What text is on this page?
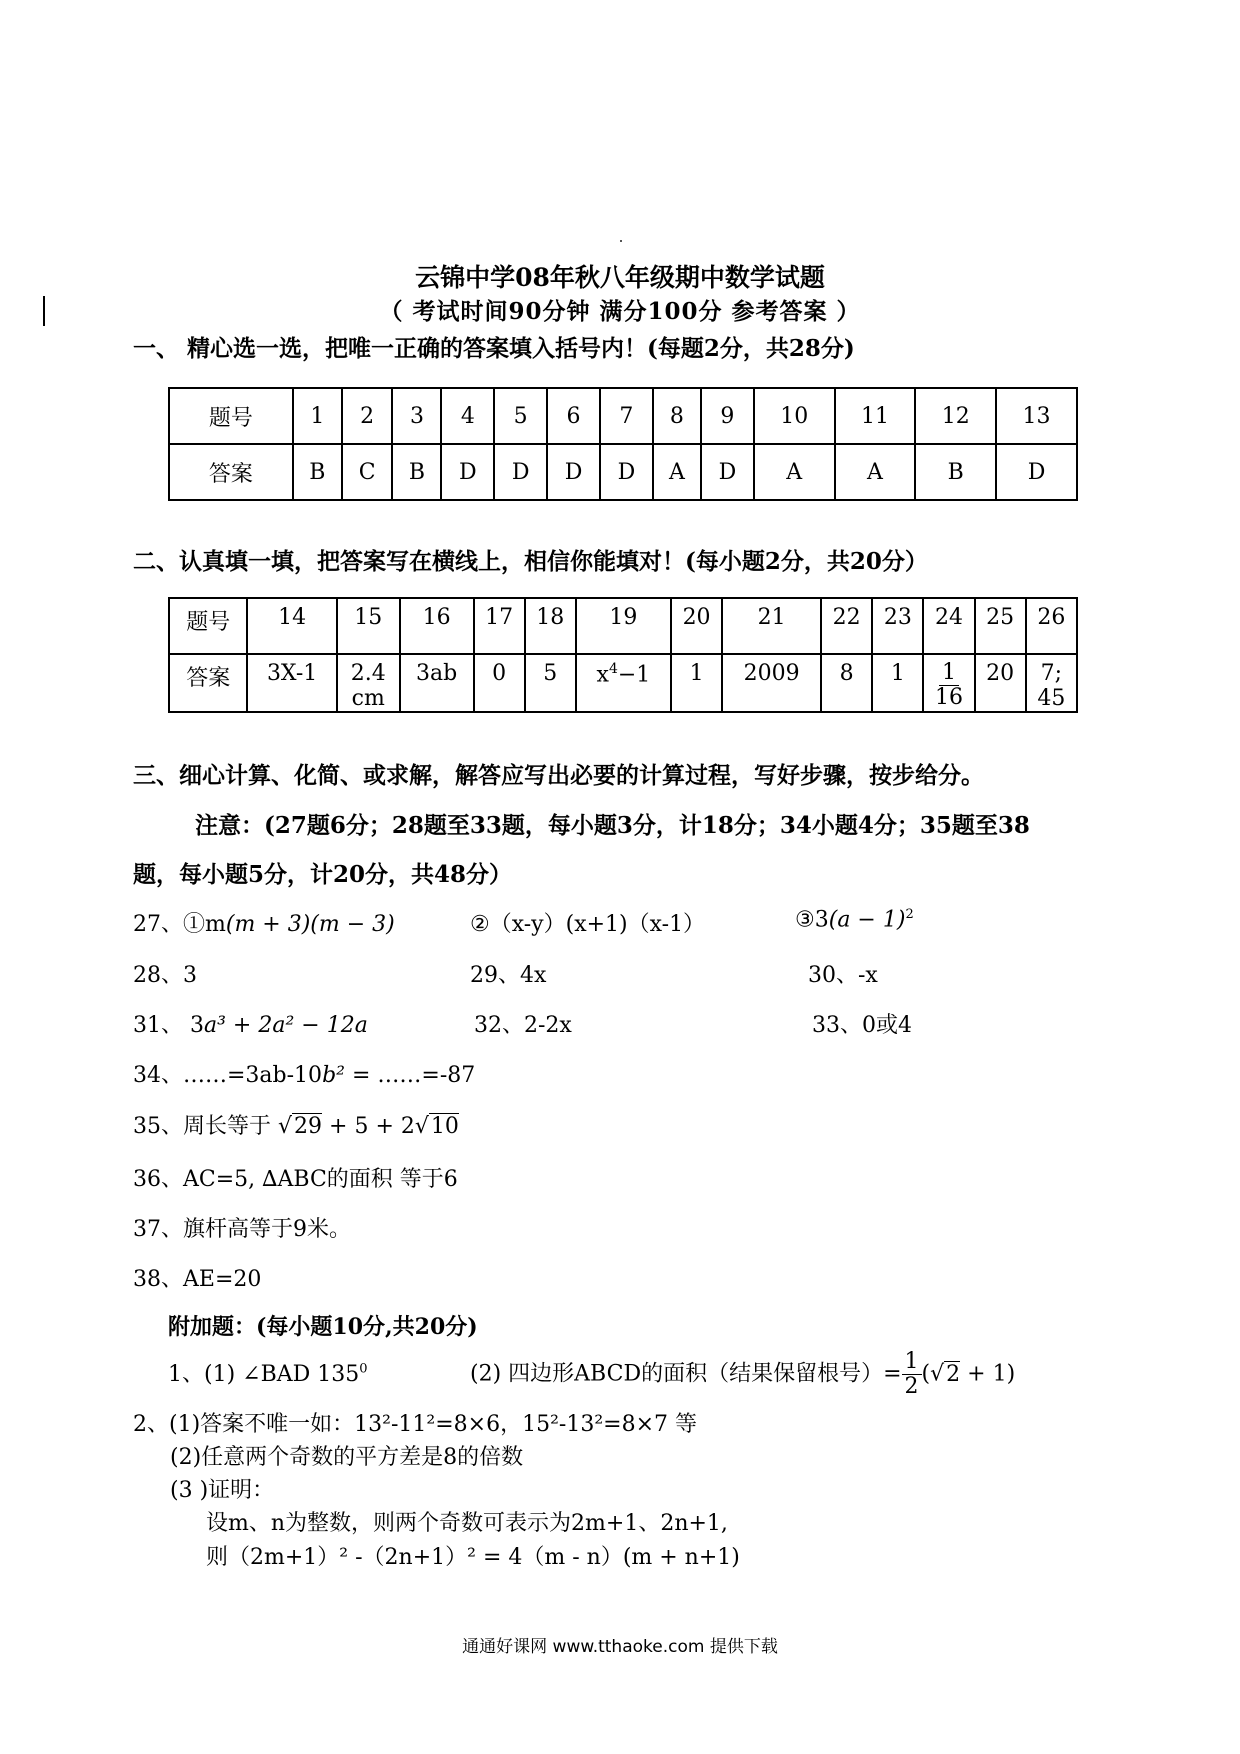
云锦中学08年秋八年级期中数学试题
（ 考试时间90分钟 满分100分 参考答案 ）
一、 精心选一选，把唯一正确的答案填入括号内！(每题2分，共28分)
题号	1	2	3	4	5	6	7	8	9	10	11	12	13
答案	B	C	B	D	D	D	D	A	D	A	A	B	D
二、认真填一填，把答案写在横线上，相信你能填对！(每小题2分，共20分）
题号	14	15	16	17	18	19	20	21	22	23	24	25	26
答案	3X-1	2.4
cm	3ab	0	5	$x^4-1$	1	2009	8	1	$\frac{1}{16}$	20	7;
45
三、细心计算、化简、或求解，解答应写出必要的计算过程，写好步骤，按步给分。
注意：(27题6分；28题至33题，每小题3分，计18分；34小题4分；35题至38
题，每小题5分，计20分，共48分）
27、①m(m + 3)(m − 3)	②（x-y）(x+1)（x-1）	③3(a − 1)$^2$
28、3	29、4x	30、-x
31、 3a³ + 2a² − 12a	32、2-2x	33、0或4
34、……=3ab-10b² = ……=-87
35、周长等于 √29 + 5 + 2√10
36、AC=5, ∆ABC的面积 等于6
37、旗杆高等于9米。
38、AE=20
附加题：(每小题10分,共20分)
1、(1) ∠BAD $135^0$	(2) 四边形ABCD的面积（结果保留根号）= $\frac{1}{2} (√2 + 1)$
2、(1)答案不唯一如：13²-11²=8×6，15²-13²=8×7 等
(2)任意两个奇数的平方差是8的倍数
(3 )证明：
设m、n为整数，则两个奇数可表示为2m+1、2n+1,
则（2m+1）² -（2n+1）² = 4（m - n）(m + n+1)
通通好课网 www.tthaoke.com 提供下载
